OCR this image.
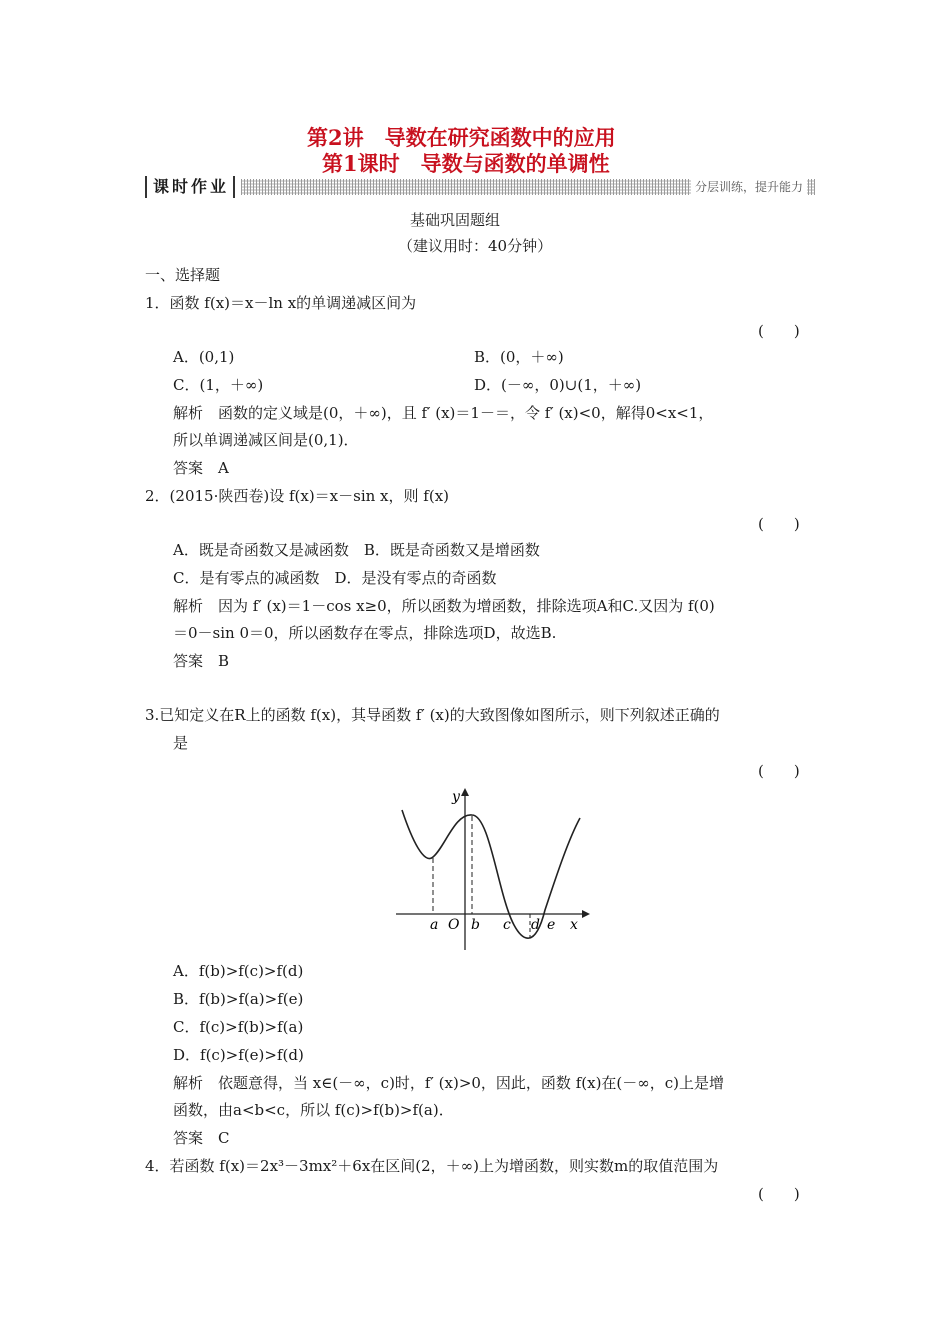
第2讲　导数在研究函数中的应用
第1课时　导数与函数的单调性
课时作业	分层训练，提升能力
基础巩固题组
（建议用时：40分钟）
一、选择题
1．函数 f(x)＝x－ln x的单调递减区间为
(　　)
A．(0,1)	B．(0，＋∞)
C．(1，＋∞)	D．(－∞，0)∪(1，＋∞)
解析　函数的定义域是(0，＋∞)，且 f′ (x)＝1－＝，令 f′ (x)<0，解得0<x<1，
所以单调递减区间是(0,1)．
答案　A
2．(2015·陕西卷)设 f(x)＝x－sin x，则 f(x)
(　　)
A．既是奇函数又是减函数　B．既是奇函数又是增函数
C．是有零点的减函数　D．是没有零点的奇函数
解析　因为 f′ (x)＝1－cos x≥0，所以函数为增函数，排除选项A和C.又因为 f(0)
＝0－sin 0＝0，所以函数存在零点，排除选项D，故选B.
答案　B
3.已知定义在R上的函数 f(x)，其导函数 f′ (x)的大致图像如图所示，则下列叙述正确的
是
(　　)
y
x
O
a b c d e
A．f(b)>f(c)>f(d)
B．f(b)>f(a)>f(e)
C．f(c)>f(b)>f(a)
D．f(c)>f(e)>f(d)
解析　依题意得，当 x∈(－∞，c)时，f′ (x)>0，因此，函数 f(x)在(－∞，c)上是增
函数，由a<b<c，所以 f(c)>f(b)>f(a)．
答案　C
4．若函数 f(x)＝2x³－3mx²＋6x在区间(2，＋∞)上为增函数，则实数m的取值范围为
(　　)
